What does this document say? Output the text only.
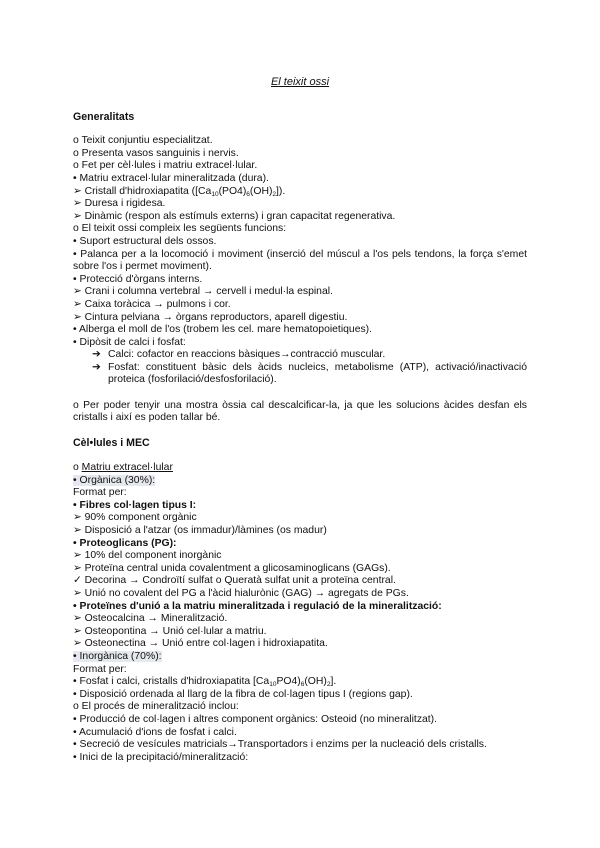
El teixit ossi

Generalitats

o Teixit conjuntiu especialitzat.

o Presenta vasos sanguinis i nervis.

o Fet per cèl·lules i matriu extracel·lular.

• Matriu extracel·lular mineralitzada (dura).

➢ Cristall d'hidroxiapatita $([Ca_{10}(PO4)_6(OH)_2])$.

➢ Duresa i rigidesa.

➢ Dinàmic (respon als estímuls externs) i gran capacitat regenerativa.

o El teixit ossi compleix les següents funcions:

• Suport estructural dels ossos.

• Palanca per a la locomoció i moviment (inserció del múscul a l'os pels tendons, la força s'emet sobre l'os i permet moviment).

• Protecció d'òrgans interns.

➢ Crani i columna vertebral → cervell i medul·la espinal.

➢ Caixa toràcica → pulmons i cor.

➢ Cintura pelviana → òrgans reproductors, aparell digestiu.

• Alberga el moll de l'os (trobem les cel. mare hematopoietiques).

• Dipòsit de calci i fosfat:

➔ Calci: cofactor en reaccions bàsiques→contracció muscular.
➔ Fosfat: constituent bàsic dels àcids nucleics, metabolisme (ATP), activació/inactivació proteica (fosforilació/desfosforilació).

o Per poder tenyir una mostra òssia cal descalcificar-la, ja que les solucions àcides desfan els cristalls i així es poden tallar bé.

Cèl•lules i MEC

o Matriu extracel·lular

• Orgànica (30%):

Format per:

• Fibres col·lagen tipus I:

➢ 90% component orgànic

➢ Disposició a l'atzar (os immadur)/làmines (os madur)

• Proteoglicans (PG):

➢ 10% del component inorgànic

➢ Proteïna central unida covalentment a glicosaminoglicans (GAGs).

✓ Decorina → Condroïtí sulfat o Queratà sulfat unit a proteïna central.

➢ Unió no covalent del PG a l'àcid hialurònic (GAG) → agregats de PGs.

• Proteïnes d'unió a la matriu mineralitzada i regulació de la mineralització:

➢ Osteocalcina → Mineralització.

➢ Osteopontina → Unió cel·lular a matriu.

➢ Osteonectina → Unió entre col·lagen i hidroxiapatita.

• Inorgànica (70%):

Format per:

• Fosfat i calci, cristalls d'hidroxiapatita $[Ca_{10}PO4)_6(OH)_2$].

• Disposició ordenada al llarg de la fibra de col·lagen tipus I (regions gap).

o El procés de mineralització inclou:

• Producció de col·lagen i altres component orgànics: Osteoid (no mineralitzat).

• Acumulació d'ions de fosfat i calci.

• Secreció de vesícules matricials→Transportadors i enzims per la nucleació dels cristalls.

• Inici de la precipitació/mineralització:
